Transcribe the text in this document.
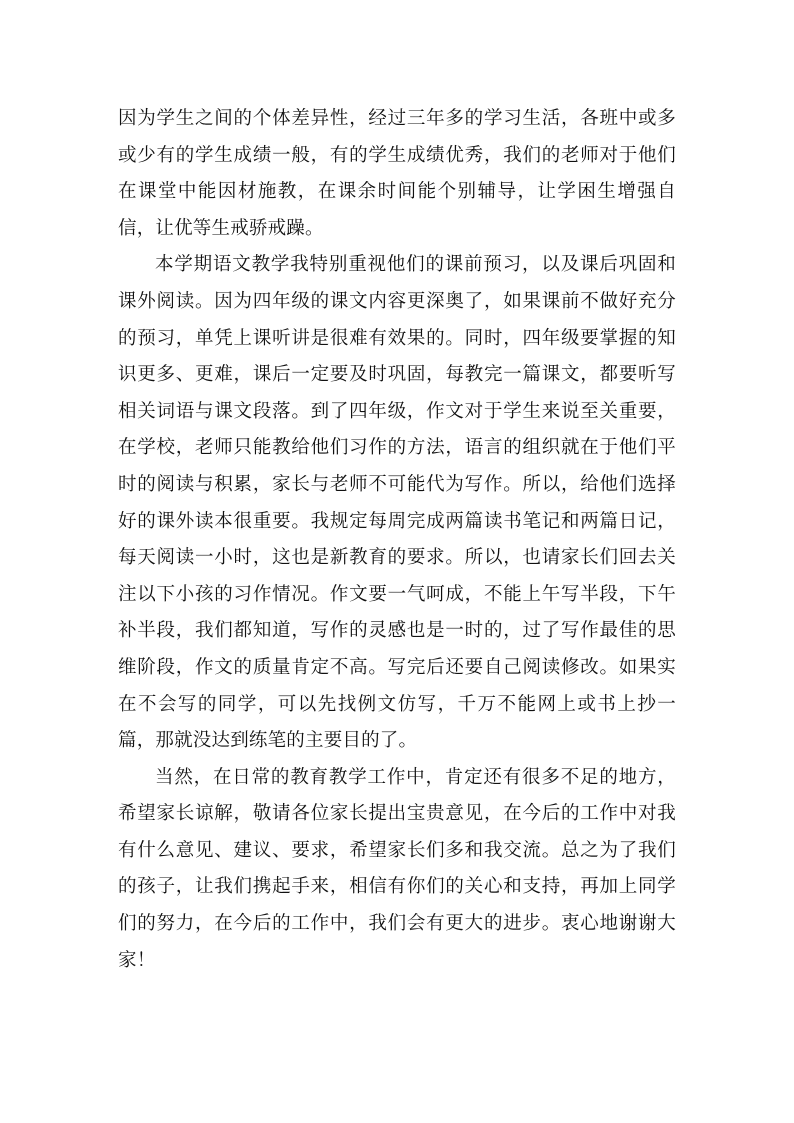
因为学生之间的个体差异性，经过三年多的学习生活，各班中或多或少有的学生成绩一般，有的学生成绩优秀，我们的老师对于他们在课堂中能因材施教，在课余时间能个别辅导，让学困生增强自信，让优等生戒骄戒躁。

本学期语文教学我特别重视他们的课前预习，以及课后巩固和课外阅读。因为四年级的课文内容更深奥了，如果课前不做好充分的预习，单凭上课听讲是很难有效果的。同时，四年级要掌握的知识更多、更难，课后一定要及时巩固，每教完一篇课文，都要听写相关词语与课文段落。到了四年级，作文对于学生来说至关重要，在学校，老师只能教给他们习作的方法，语言的组织就在于他们平时的阅读与积累，家长与老师不可能代为写作。所以，给他们选择好的课外读本很重要。我规定每周完成两篇读书笔记和两篇日记，每天阅读一小时，这也是新教育的要求。所以，也请家长们回去关注以下小孩的习作情况。作文要一气呵成，不能上午写半段，下午补半段，我们都知道，写作的灵感也是一时的，过了写作最佳的思维阶段，作文的质量肯定不高。写完后还要自己阅读修改。如果实在不会写的同学，可以先找例文仿写，千万不能网上或书上抄一篇，那就没达到练笔的主要目的了。

当然，在日常的教育教学工作中，肯定还有很多不足的地方，希望家长谅解，敬请各位家长提出宝贵意见，在今后的工作中对我有什么意见、建议、要求，希望家长们多和我交流。总之为了我们的孩子，让我们携起手来，相信有你们的关心和支持，再加上同学们的努力，在今后的工作中，我们会有更大的进步。衷心地谢谢大家！
